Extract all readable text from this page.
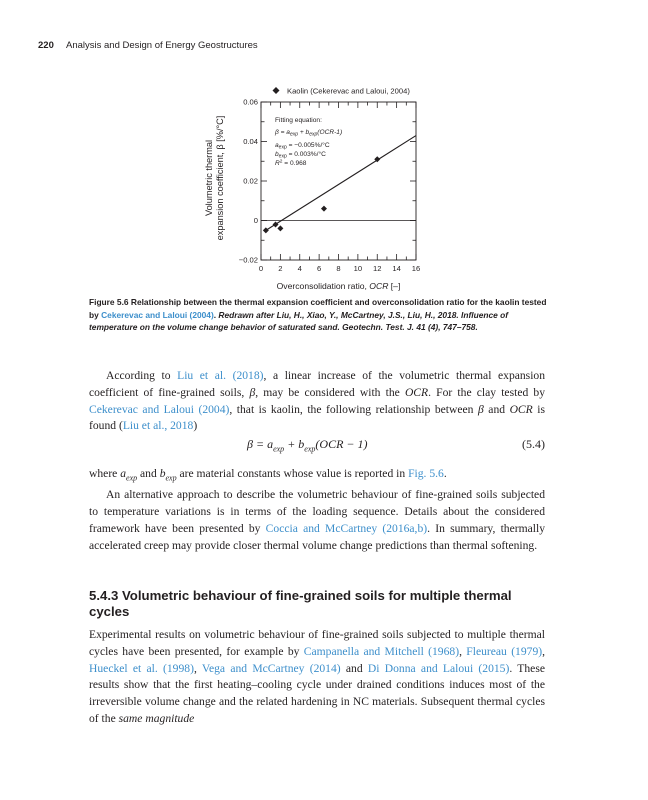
220 Analysis and Design of Energy Geostructures
Kaolin (Cekerevac and Laloui, 2004)
Volumetric thermal expansion coefficient, β [%/°C]
0 2 4 6 8 10 12 14 16
−0.02
0
0.02
0.04
0.06
Fitting equation:
$\beta = a_{exp} + b_{exp}(OCR-1)$
$a_{exp} = -0.005\%/^\circ C$
$b_{exp} = 0.003\%/^\circ C$
$R^2 = 0.968$
Overconsolidation ratio, OCR [–]
Figure 5.6 Relationship between the thermal expansion coefficient and overconsolidation ratio for the kaolin tested by Cekerevac and Laloui (2004). Redrawn after Liu, H., Xiao, Y., McCartney, J.S., Liu, H., 2018. Influence of temperature on the volume change behavior of saturated sand. Geotechn. Test. J. 41 (4), 747–758.

According to Liu et al. (2018), a linear increase of the volumetric thermal expansion coefficient of fine-grained soils, β, may be considered with the OCR. For the clay tested by Cekerevac and Laloui (2004), that is kaolin, the following relationship between β and OCR is found (Liu et al., 2018)

$\beta = a_{exp} + b_{exp}(OCR - 1)$	(5.4)

where $a_{exp}$ and $b_{exp}$ are material constants whose value is reported in Fig. 5.6.

An alternative approach to describe the volumetric behaviour of fine-grained soils subjected to temperature variations is in terms of the loading sequence. Details about the considered framework have been presented by Coccia and McCartney (2016a,b). In summary, thermally accelerated creep may provide closer thermal volume change predictions than thermal softening.

5.4.3 Volumetric behaviour of fine-grained soils for multiple thermal cycles

Experimental results on volumetric behaviour of fine-grained soils subjected to multiple thermal cycles have been presented, for example by Campanella and Mitchell (1968), Fleureau (1979), Hueckel et al. (1998), Vega and McCartney (2014) and Di Donna and Laloui (2015). These results show that the first heating–cooling cycle under drained conditions induces most of the irreversible volume change and the related hardening in NC materials. Subsequent thermal cycles of the same magnitude
